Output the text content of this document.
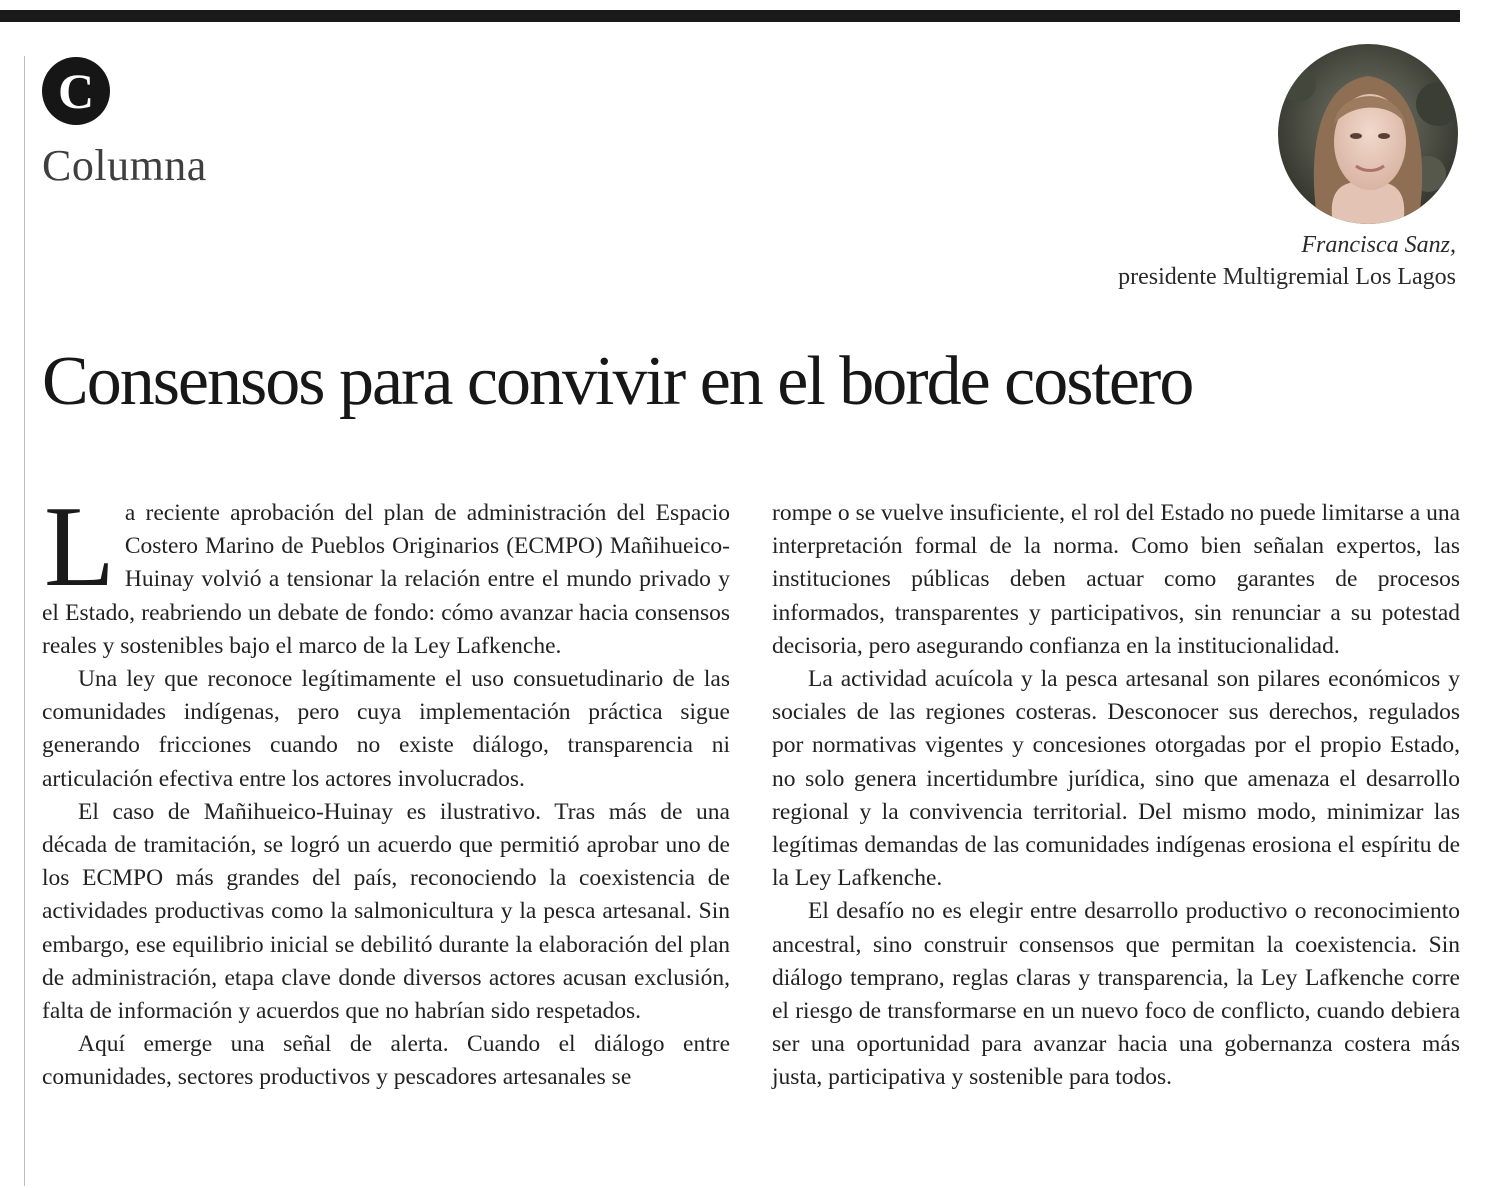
C
Columna
Francisca Sanz,
presidente Multigremial Los Lagos
Consensos para convivir en el borde costero

La reciente aprobación del plan de administración del Espacio Costero Marino de Pueblos Originarios (ECMPO) Mañihueico-Huinay volvió a tensionar la relación entre el mundo privado y el Estado, reabriendo un debate de fondo: cómo avanzar hacia consensos reales y sostenibles bajo el marco de la Ley Lafkenche.

Una ley que reconoce legítimamente el uso consuetudinario de las comunidades indígenas, pero cuya implementación práctica sigue generando fricciones cuando no existe diálogo, transparencia ni articulación efectiva entre los actores involucrados.

El caso de Mañihueico-Huinay es ilustrativo. Tras más de una década de tramitación, se logró un acuerdo que permitió aprobar uno de los ECMPO más grandes del país, reconociendo la coexistencia de actividades productivas como la salmonicultura y la pesca artesanal. Sin embargo, ese equilibrio inicial se debilitó durante la elaboración del plan de administración, etapa clave donde diversos actores acusan exclusión, falta de información y acuerdos que no habrían sido respetados.

Aquí emerge una señal de alerta. Cuando el diálogo entre comunidades, sectores productivos y pescadores artesanales se

rompe o se vuelve insuficiente, el rol del Estado no puede limitarse a una interpretación formal de la norma. Como bien señalan expertos, las instituciones públicas deben actuar como garantes de procesos informados, transparentes y participativos, sin renunciar a su potestad decisoria, pero asegurando confianza en la institucionalidad.

La actividad acuícola y la pesca artesanal son pilares económicos y sociales de las regiones costeras. Desconocer sus derechos, regulados por normativas vigentes y concesiones otorgadas por el propio Estado, no solo genera incertidumbre jurídica, sino que amenaza el desarrollo regional y la convivencia territorial. Del mismo modo, minimizar las legítimas demandas de las comunidades indígenas erosiona el espíritu de la Ley Lafkenche.

El desafío no es elegir entre desarrollo productivo o reconocimiento ancestral, sino construir consensos que permitan la coexistencia. Sin diálogo temprano, reglas claras y transparencia, la Ley Lafkenche corre el riesgo de transformarse en un nuevo foco de conflicto, cuando debiera ser una oportunidad para avanzar hacia una gobernanza costera más justa, participativa y sostenible para todos.
